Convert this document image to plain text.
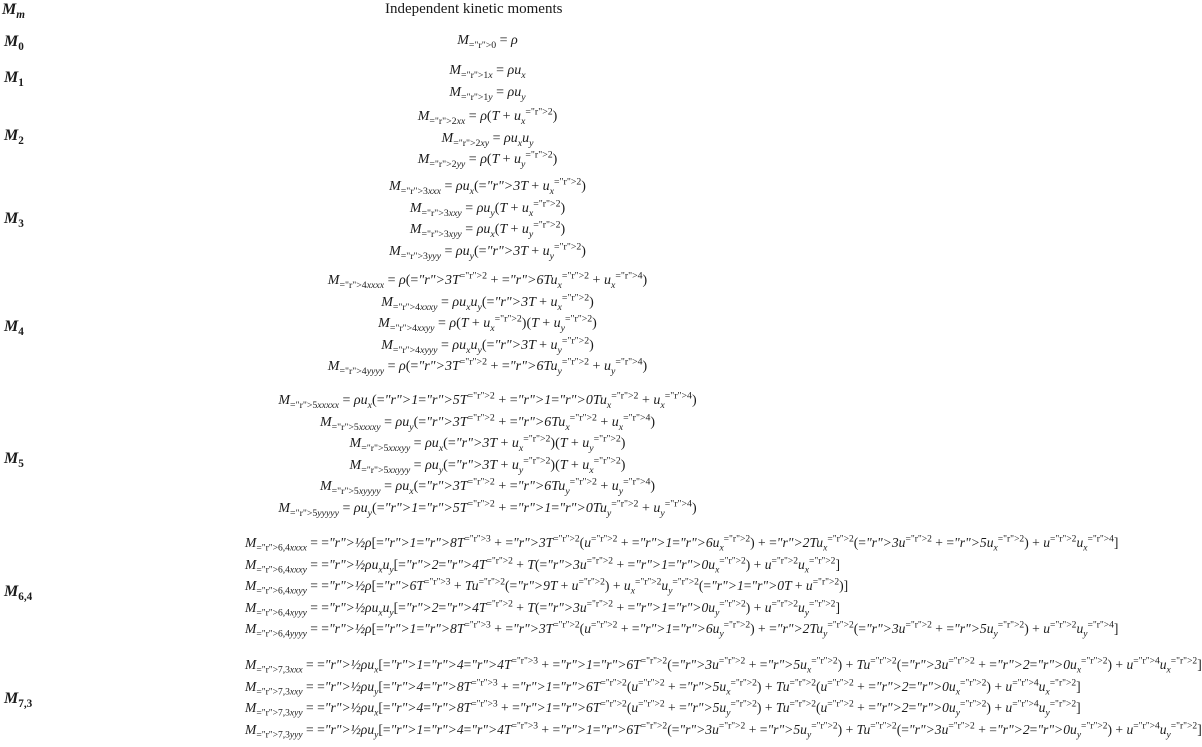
$M_m$	Independent kinetic moments
$M_0$	$M_{="r">0} = \rho$
$M_1$
$M_{="r">1x} = \rho u_x$
$M_{="r">1y} = \rho u_y$
$M_2$
$M_{="r">2xx} = \rho(T + u_x^{="r">2})$
$M_{="r">2xy} = \rho u_xu_y$
$M_{="r">2yy} = \rho(T + u_y^{="r">2})$
$M_3$
$M_{="r">3xxx}$ = $\rho u_x(="r">3T + u_x^{="r">2})$
$M_{="r">3xxy} = \rho u_y(T + u_x^{="r">2})$
$M_{="r">3xyy} = \rho u_x(T + u_y^{="r">2})$
$M_{="r">3yyy}$ = $\rho u_y(="r">3T + u_y^{="r">2})$
$M_4$
$M_{="r">4xxxx}$ = $\rho(="r">3T^{="r">2}$ + $="r">6Tu_x^{="r">2} + u_x^{="r">4}$)
$M_{="r">4xxxy}$ = $\rho u_xu_y(="r">3T + u_x^{="r">2})$
$M_{="r">4xxyy} = \rho(T + u_x^{="r">2})(T + u_y^{="r">2})$
$M_{="r">4xyyy}$ = $\rho u_xu_y(="r">3T + u_y^{="r">2})$
$M_{="r">4yyyy}$ = $\rho(="r">3T^{="r">2}$ + $="r">6Tu_y^{="r">2} + u_y^{="r">4}$)
$M_5$
$M_{="r">5xxxxx}$ = $\rho u_x(="r">1="r">5T^{="r">2}$ + $="r">1="r">0Tu_x^{="r">2} + u_x^{="r">4}$)
$M_{="r">5xxxxy}$ = $\rho u_y(="r">3T^{="r">2}$ + $="r">6Tu_x^{="r">2} + u_x^{="r">4}$)
$M_{="r">5xxxyy}$ = $\rho u_x(="r">3T + u_x^{="r">2})(T + u_y^{="r">2})$
$M_{="r">5xxyyy}$ = $\rho u_y(="r">3T + u_y^{="r">2})(T + u_x^{="r">2})$
$M_{="r">5xyyyy}$ = $\rho u_x(="r">3T^{="r">2}$ + $="r">6Tu_y^{="r">2} + u_y^{="r">4}$)
$M_{="r">5yyyyy}$ = $\rho u_y(="r">1="r">5T^{="r">2}$ + $="r">1="r">0Tu_y^{="r">2} + u_y^{="r">4}$)
$M_{6,4}$
$M_{="r">6,4xxxx}$ = $="r">\frac{1}{2}\rho[="r">1="r">8T^{="r">3}$ + $="r">3T^{="r">2}(u^{="r">2}$ + $="r">1="r">6u_x^{="r">2}$) + $="r">2Tu_x^{="r">2}(="r">3u^{="r">2}$ + $="r">5u_x^{="r">2}) + u^{="r">2}u_x^{="r">4}$]
$M_{="r">6,4xxxy}$ = $="r">\frac{1}{2}\rho u_xu_y[="r">2="r">4T^{="r">2}$ + $T(="r">3u^{="r">2}$ + $="r">1="r">0u_x^{="r">2}) + u^{="r">2}u_x^{="r">2}$]
$M_{="r">6,4xxyy}$ = $="r">\frac{1}{2}\rho[="r">6T^{="r">3}$ + $Tu^{="r">2}(="r">9T + u^{="r">2})$ + $u_x^{="r">2}u_y^{="r">2}(="r">1="r">0T + u^{="r">2})$]
$M_{="r">6,4xyyy}$ = $="r">\frac{1}{2}\rho u_xu_y[="r">2="r">4T^{="r">2}$ + $T(="r">3u^{="r">2}$ + $="r">1="r">0u_y^{="r">2}) + u^{="r">2}u_y^{="r">2}$]
$M_{="r">6,4yyyy}$ = $="r">\frac{1}{2}\rho[="r">1="r">8T^{="r">3}$ + $="r">3T^{="r">2}(u^{="r">2}$ + $="r">1="r">6u_y^{="r">2}$) + $="r">2Tu_y^{="r">2}(="r">3u^{="r">2}$ + $="r">5u_y^{="r">2}) + u^{="r">2}u_y^{="r">4}$]
$M_{7,3}$
$M_{="r">7,3xxx}$ = $="r">\frac{1}{2}\rho u_x[="r">1="r">4="r">4T^{="r">3}$ + $="r">1="r">6T^{="r">2}(="r">3u^{="r">2}$ + $="r">5u_x^{="r">2}$) + $Tu^{="r">2}(="r">3u^{="r">2}$ + $="r">2="r">0u_x^{="r">2}) + u^{="r">4}u_x^{="r">2}$]
$M_{="r">7,3xxy}$ = $="r">\frac{1}{2}\rho u_y[="r">4="r">8T^{="r">3}$ + $="r">1="r">6T^{="r">2}(u^{="r">2}$ + $="r">5u_x^{="r">2}) + Tu^{="r">2}(u^{="r">2}$ + $="r">2="r">0u_x^{="r">2}) + u^{="r">4}u_x^{="r">2}$]
$M_{="r">7,3xyy}$ = $="r">\frac{1}{2}\rho u_x[="r">4="r">8T^{="r">3}$ + $="r">1="r">6T^{="r">2}(u^{="r">2}$ + $="r">5u_y^{="r">2}) + Tu^{="r">2}(u^{="r">2}$ + $="r">2="r">0u_y^{="r">2}) + u^{="r">4}u_y^{="r">2}$]
$M_{="r">7,3yyy}$ = $="r">\frac{1}{2}\rho u_y[="r">1="r">4="r">4T^{="r">3}$ + $="r">1="r">6T^{="r">2}(="r">3u^{="r">2}$ + $="r">5u_y^{="r">2}$) + $Tu^{="r">2}(="r">3u^{="r">2}$ + $="r">2="r">0u_y^{="r">2}) + u^{="r">4}u_y^{="r">2}$]
